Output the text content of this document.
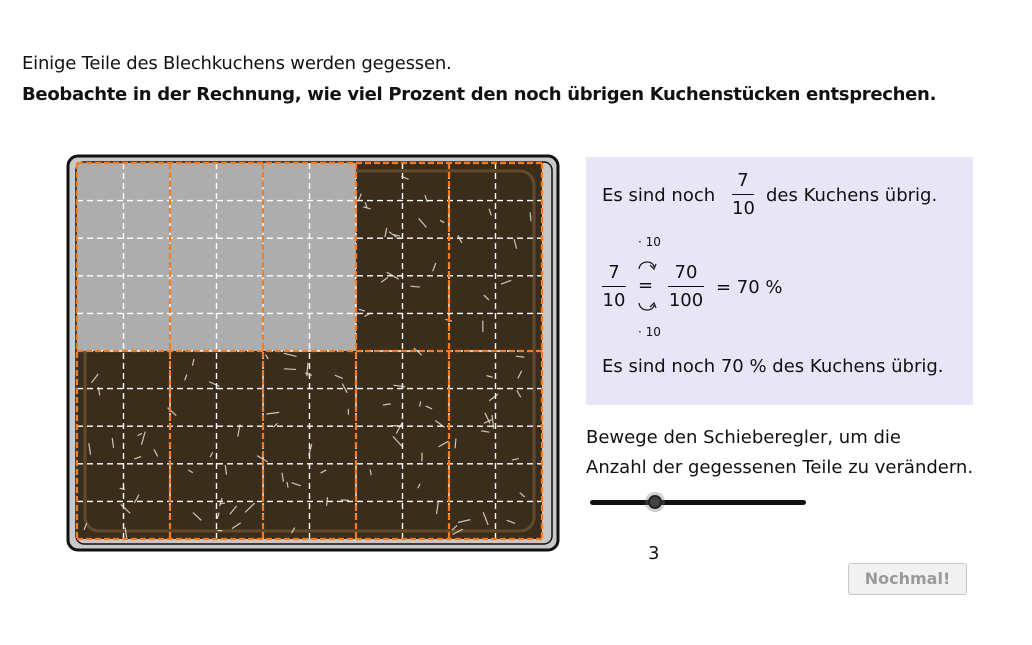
Einige Teile des Blechkuchens werden gegessen.
Beobachte in der Rechnung, wie viel Prozent den noch übrigen Kuchenstücken entsprechen.
Es sind noch
7
10
des Kuchens übrig.
· 10
7
10
=
· 10
70
100
= 70 %
Es sind noch 70 % des Kuchens übrig.
Bewege den Schieberegler, um die
Anzahl der gegessenen Teile zu verändern.
3
Nochmal!
